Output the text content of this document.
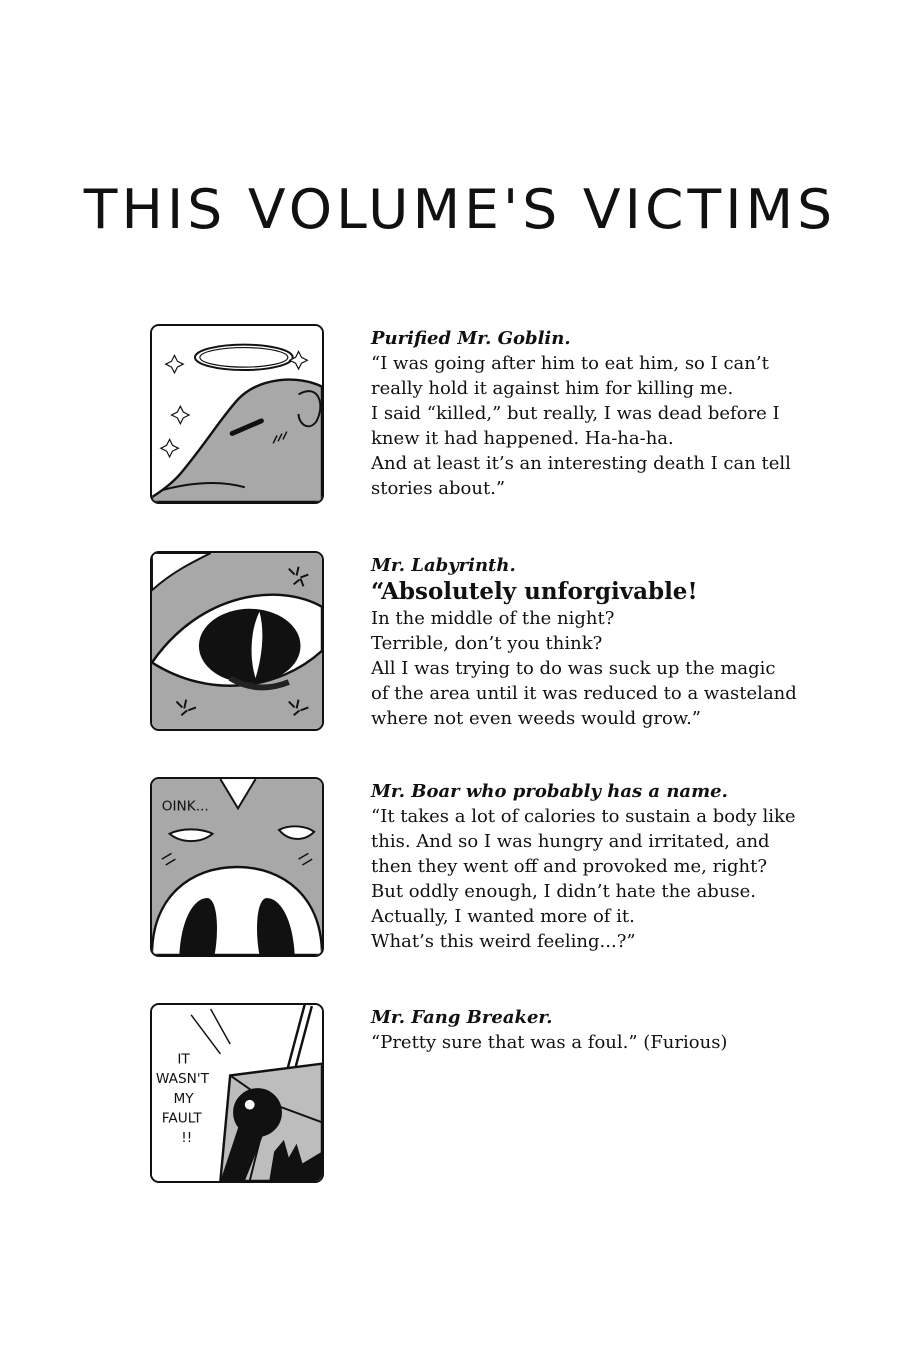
THIS VOLUME'S VICTIMS
Purified Mr. Goblin.
“I was going after him to eat him, so I can’t
really hold it against him for killing me.
I said “killed,” but really, I was dead before I
knew it had happened. Ha-ha-ha.
And at least it’s an interesting death I can tell
stories about.”
Mr. Labyrinth.
“Absolutely unforgivable!
In the middle of the night?
Terrible, don’t you think?
All I was trying to do was suck up the magic
of the area until it was reduced to a wasteland
where not even weeds would grow.”
OINK...
Mr. Boar who probably has a name.
“It takes a lot of calories to sustain a body like
this. And so I was hungry and irritated, and
then they went off and provoked me, right?
But oddly enough, I didn’t hate the abuse.
Actually, I wanted more of it.
What’s this weird feeling...?”
IT
WASN'T
MY
FAULT
!!
Mr. Fang Breaker.
“Pretty sure that was a foul.” (Furious)
